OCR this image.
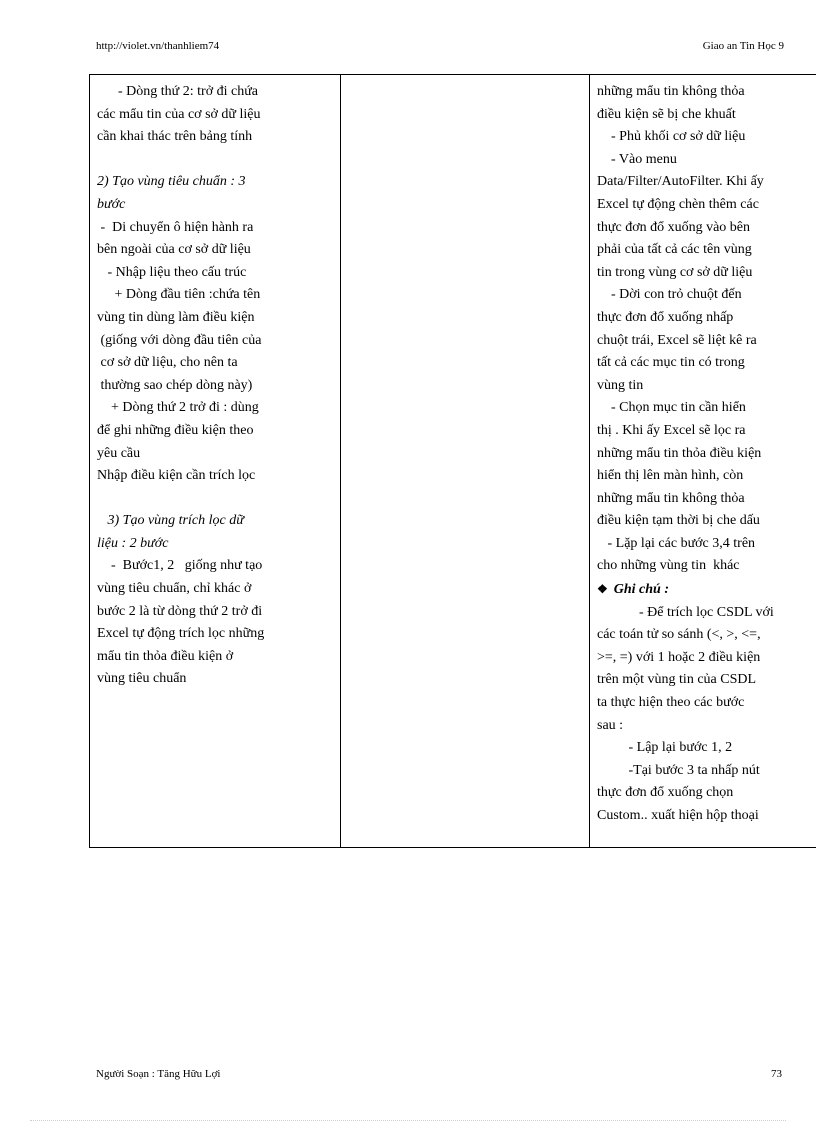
http://violet.vn/thanhliem74	Giao an Tin Học 9

- Dòng thứ 2: trở đi chứa

các mẩu tin của cơ sở dữ liệu

cần khai thác trên bảng tính

2) Tạo vùng tiêu chuẩn : 3

bước

-  Di chuyển ô hiện hành ra

bên ngoài của cơ sở dữ liệu

- Nhập liệu theo cấu trúc

+ Dòng đầu tiên :chứa tên

vùng tin dùng làm điều kiện

(giống với dòng đầu tiên của

cơ sở dữ liệu, cho nên ta

thường sao chép dòng này)

+ Dòng thứ 2 trở đi : dùng

để ghi những điều kiện theo

yêu cầu

Nhập điều kiện cần trích lọc

3) Tạo vùng trích lọc dữ

liệu : 2 bước

-  Bước1, 2   giống như tạo

vùng tiêu chuẩn, chỉ khác ở

bước 2 là từ dòng thứ 2 trở đi

Excel tự động trích lọc những

mẩu tin thỏa điều kiện ở

vùng tiêu chuẩn

những mẩu tin không thỏa

điều kiện sẽ bị che khuất

- Phủ khối cơ sở dữ liệu

- Vào menu

Data/Filter/AutoFilter. Khi ấy

Excel tự động chèn thêm các

thực đơn đổ xuống vào bên

phải của tất cả các tên vùng

tin trong vùng cơ sở dữ liệu

- Dời con trỏ chuột đến

thực đơn đổ xuống nhấp

chuột trái, Excel sẽ liệt kê ra

tất cả các mục tin có trong

vùng tin

- Chọn mục tin cần hiển

thị . Khi ấy Excel sẽ lọc ra

những mẩu tin thỏa điều kiện

hiển thị lên màn hình, còn

những mẩu tin không thỏa

điều kiện tạm thời bị che dấu

- Lặp lại các bước 3,4 trên

cho những vùng tin  khác

❖ Ghi chú :

- Để trích lọc CSDL với

các toán tử so sánh (<, >, <=,

>=, =) với 1 hoặc 2 điều kiện

trên một vùng tin của CSDL

ta thực hiện theo các bước

sau :

- Lập lại bước 1, 2

-Tại bước 3 ta nhấp nút

thực đơn đổ xuống chọn

Custom.. xuất hiện hộp thoại

Người Soạn : Tăng Hữu Lợi	73
